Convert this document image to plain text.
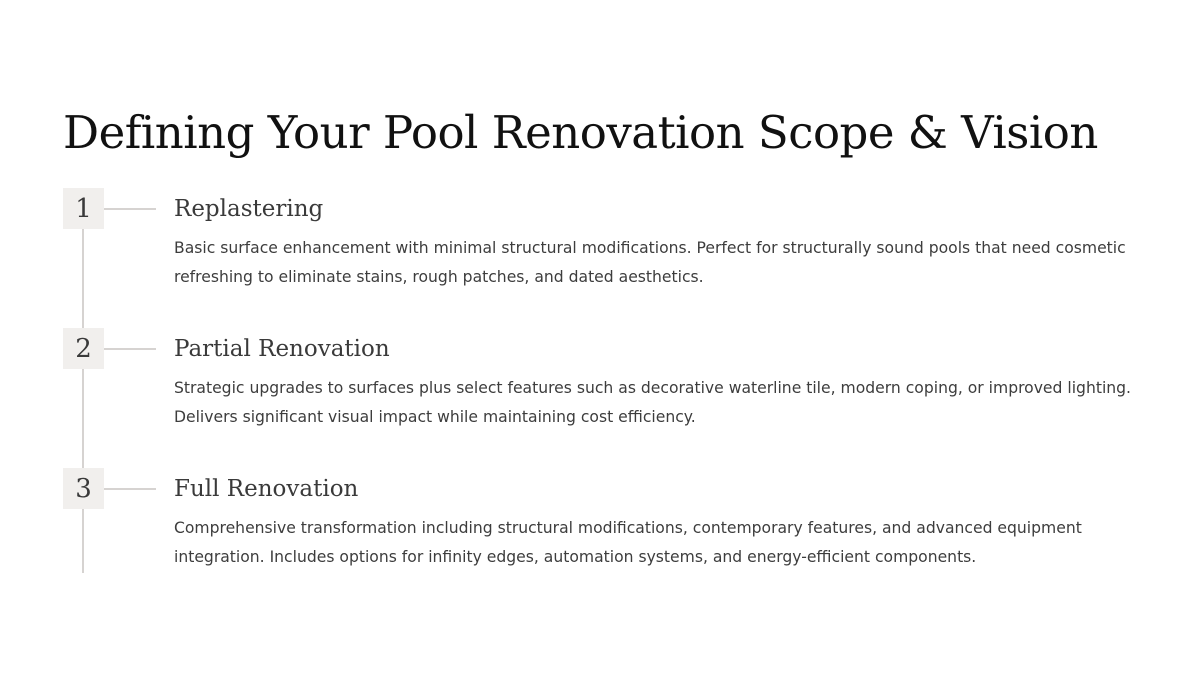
Defining Your Pool Renovation Scope & Vision
1	Replastering

Basic surface enhancement with minimal structural modifications. Perfect for structurally sound pools that need cosmetic refreshing to eliminate stains, rough patches, and dated aesthetics.

2	Partial Renovation

Strategic upgrades to surfaces plus select features such as decorative waterline tile, modern coping, or improved lighting. Delivers significant visual impact while maintaining cost efficiency.

3	Full Renovation

Comprehensive transformation including structural modifications, contemporary features, and advanced equipment integration. Includes options for infinity edges, automation systems, and energy-efficient components.
